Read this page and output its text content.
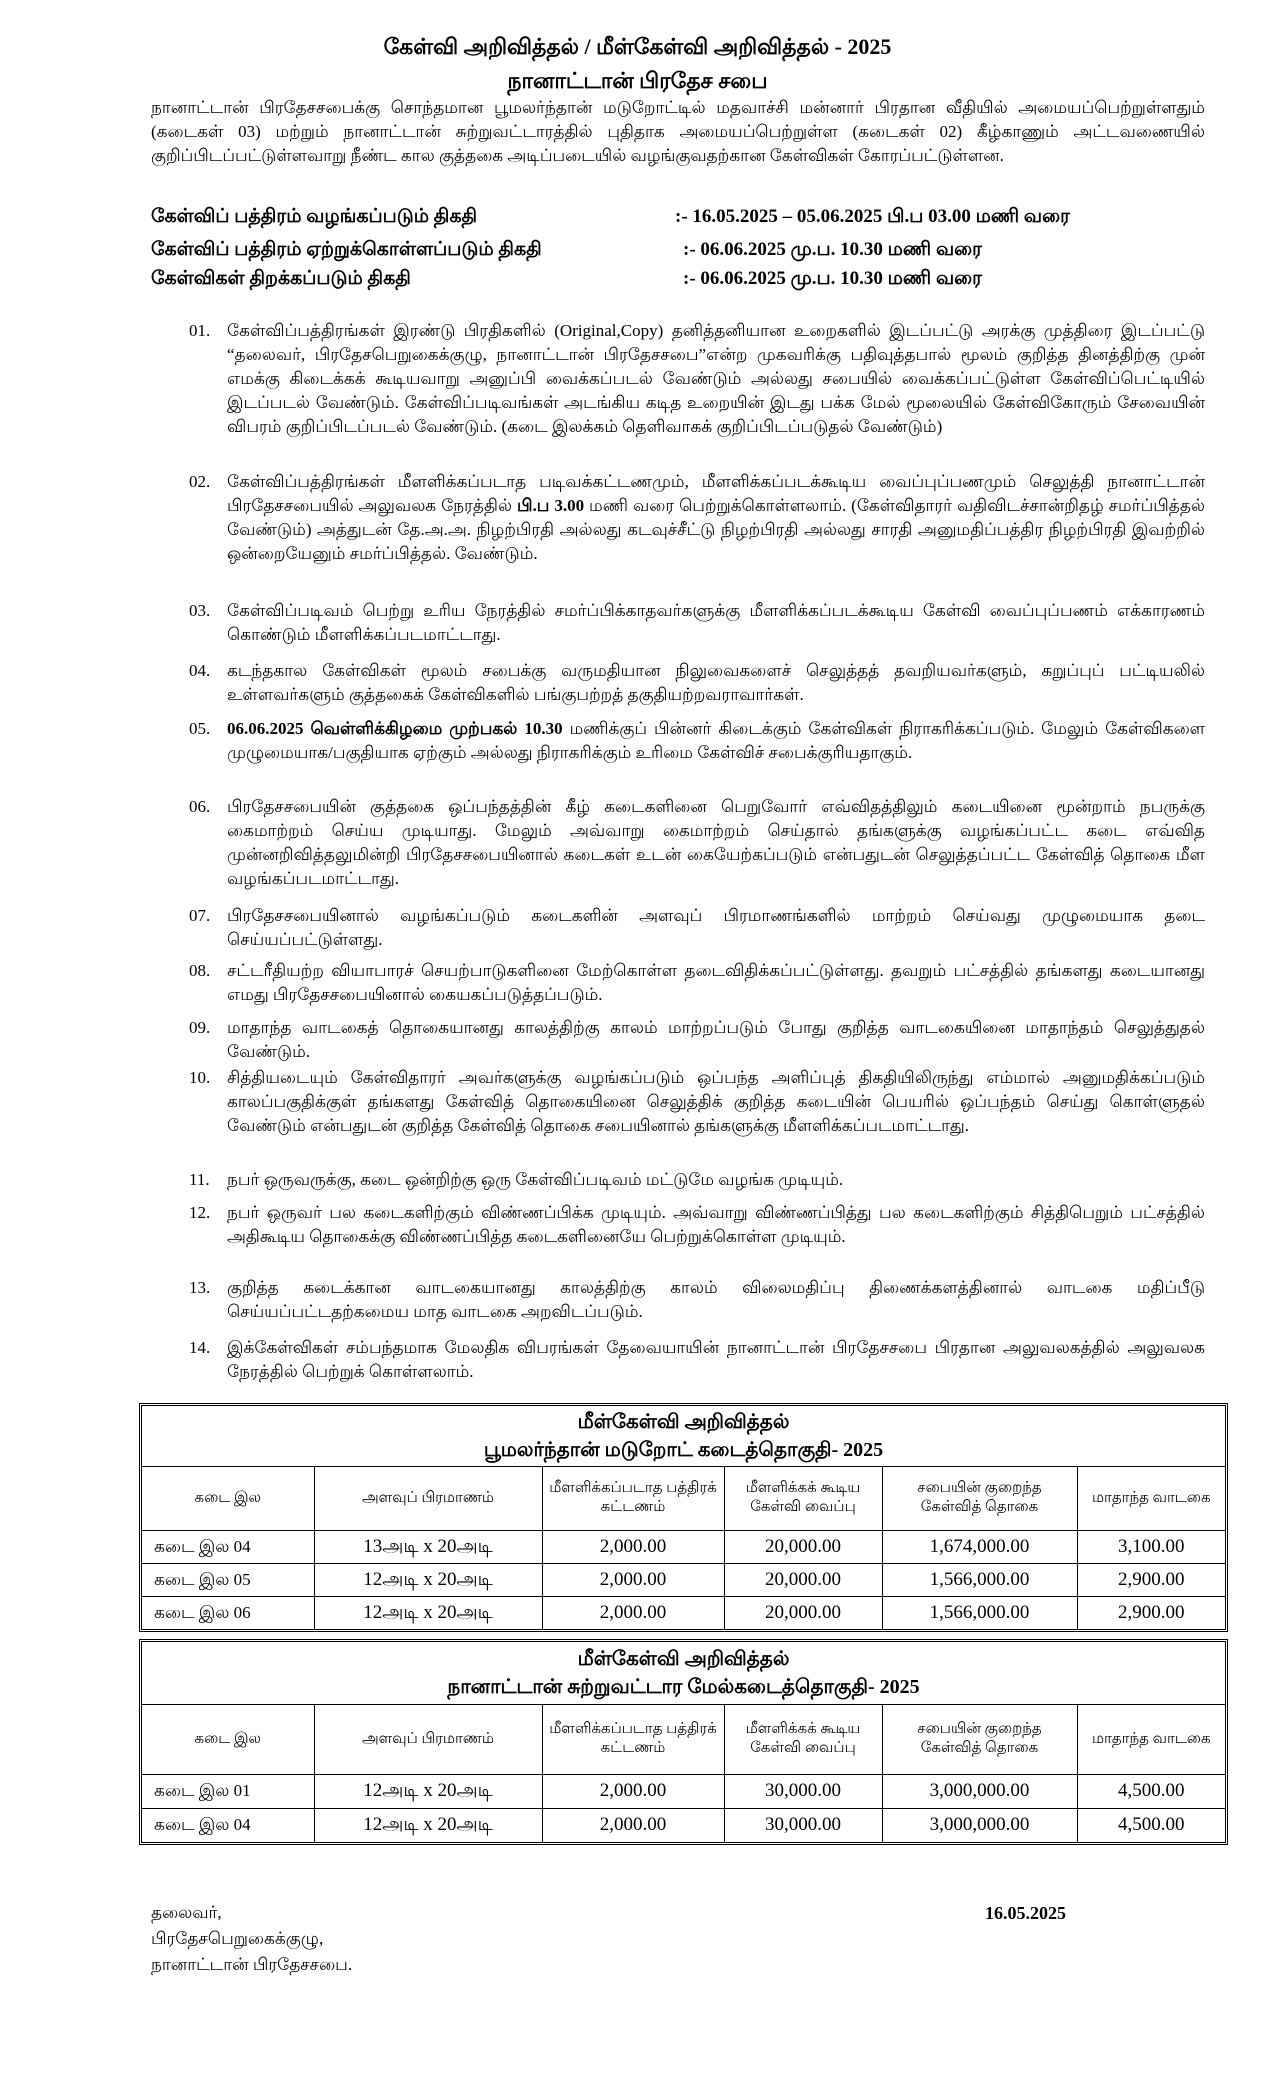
கேள்வி அறிவித்தல் / மீள்கேள்வி அறிவித்தல் - 2025
நானாட்டான் பிரதேச சபை
நானாட்டான் பிரதேசசபைக்கு சொந்தமான பூமலர்ந்தான் மடுறோட்டில் மதவாச்சி மன்னார் பிரதான வீதியில் அமையப்பெற்றுள்ளதும் (கடைகள் 03) மற்றும் நானாட்டான் சுற்றுவட்டாரத்தில் புதிதாக அமையப்பெற்றுள்ள (கடைகள் 02) கீழ்காணும் அட்டவணையில் குறிப்பிடப்பட்டுள்ளவாறு நீண்ட கால குத்தகை அடிப்படையில் வழங்குவதற்கான கேள்விகள் கோரப்பட்டுள்ளன.
கேள்விப் பத்திரம் வழங்கப்படும் திகதி	:- 16.05.2025 – 05.06.2025 பி.ப 03.00 மணி வரை
கேள்விப் பத்திரம் ஏற்றுக்கொள்ளப்படும் திகதி	:- 06.06.2025 மு.ப. 10.30 மணி வரை
கேள்விகள் திறக்கப்படும் திகதி	:- 06.06.2025 மு.ப. 10.30 மணி வரை
01. கேள்விப்பத்திரங்கள் இரண்டு பிரதிகளில் (Original,Copy) தனித்தனியான உறைகளில் இடப்பட்டு அரக்கு முத்திரை இடப்பட்டு “தலைவர், பிரதேசபெறுகைக்குழு, நானாட்டான் பிரதேசசபை”என்ற முகவரிக்கு பதிவுத்தபால் மூலம் குறித்த தினத்திற்கு முன் எமக்கு கிடைக்கக் கூடியவாறு அனுப்பி வைக்கப்படல் வேண்டும் அல்லது சபையில் வைக்கப்பட்டுள்ள கேள்விப்பெட்டியில் இடப்படல் வேண்டும். கேள்விப்படிவங்கள் அடங்கிய கடித உறையின் இடது பக்க மேல் மூலையில் கேள்விகோரும் சேவையின் விபரம் குறிப்பிடப்படல் வேண்டும். (கடை இலக்கம் தெளிவாகக் குறிப்பிடப்படுதல் வேண்டும்)
02. கேள்விப்பத்திரங்கள் மீளளிக்கப்படாத படிவக்கட்டணமும், மீளளிக்கப்படக்கூடிய வைப்புப்பணமும் செலுத்தி நானாட்டான் பிரதேசசபையில் அலுவலக நேரத்தில் பி.ப 3.00 மணி வரை பெற்றுக்கொள்ளலாம். (கேள்விதாரர் வதிவிடச்சான்றிதழ் சமர்ப்பித்தல் வேண்டும்) அத்துடன் தே.அ.அ. நிழற்பிரதி அல்லது கடவுச்சீட்டு நிழற்பிரதி அல்லது சாரதி அனுமதிப்பத்திர நிழற்பிரதி இவற்றில் ஒன்றையேனும் சமர்ப்பித்தல். வேண்டும்.
03. கேள்விப்படிவம் பெற்று உரிய நேரத்தில் சமர்ப்பிக்காதவர்களுக்கு மீளளிக்கப்படக்கூடிய கேள்வி வைப்புப்பணம் எக்காரணம் கொண்டும் மீளளிக்கப்படமாட்டாது.
04. கடந்தகால கேள்விகள் மூலம் சபைக்கு வருமதியான நிலுவைகளைச் செலுத்தத் தவறியவர்களும், கறுப்புப் பட்டியலில் உள்ளவர்களும் குத்தகைக் கேள்விகளில் பங்குபற்றத் தகுதியற்றவராவார்கள்.
05. 06.06.2025 வெள்ளிக்கிழமை முற்பகல் 10.30 மணிக்குப் பின்னர் கிடைக்கும் கேள்விகள் நிராகரிக்கப்படும். மேலும் கேள்விகளை முழுமையாக/பகுதியாக ஏற்கும் அல்லது நிராகரிக்கும் உரிமை கேள்விச் சபைக்குரியதாகும்.
06. பிரதேசசபையின் குத்தகை ஒப்பந்தத்தின் கீழ் கடைகளினை பெறுவோர் எவ்விதத்திலும் கடையினை மூன்றாம் நபருக்கு கைமாற்றம் செய்ய முடியாது. மேலும் அவ்வாறு கைமாற்றம் செய்தால் தங்களுக்கு வழங்கப்பட்ட கடை எவ்வித முன்னறிவித்தலுமின்றி பிரதேசசபையினால் கடைகள் உடன் கையேற்கப்படும் என்பதுடன் செலுத்தப்பட்ட கேள்வித் தொகை மீள வழங்கப்படமாட்டாது.
07. பிரதேசசபையினால் வழங்கப்படும் கடைகளின் அளவுப் பிரமாணங்களில் மாற்றம் செய்வது முழுமையாக தடை செய்யப்பட்டுள்ளது.
08. சட்டரீதியற்ற வியாபாரச் செயற்பாடுகளினை மேற்கொள்ள தடைவிதிக்கப்பட்டுள்ளது. தவறும் பட்சத்தில் தங்களது கடையானது எமது பிரதேசசபையினால் கையகப்படுத்தப்படும்.
09. மாதாந்த வாடகைத் தொகையானது காலத்திற்கு காலம் மாற்றப்படும் போது குறித்த வாடகையினை மாதாந்தம் செலுத்துதல் வேண்டும்.
10. சித்தியடையும் கேள்விதாரர் அவர்களுக்கு வழங்கப்படும் ஒப்பந்த அளிப்புத் திகதியிலிருந்து எம்மால் அனுமதிக்கப்படும் காலப்பகுதிக்குள் தங்களது கேள்வித் தொகையினை செலுத்திக் குறித்த கடையின் பெயரில் ஒப்பந்தம் செய்து கொள்ளுதல் வேண்டும் என்பதுடன் குறித்த கேள்வித் தொகை சபையினால் தங்களுக்கு மீளளிக்கப்படமாட்டாது.
11. நபர் ஒருவருக்கு, கடை ஒன்றிற்கு ஒரு கேள்விப்படிவம் மட்டுமே வழங்க முடியும்.
12. நபர் ஒருவர் பல கடைகளிற்கும் விண்ணப்பிக்க முடியும். அவ்வாறு விண்ணப்பித்து பல கடைகளிற்கும் சித்திபெறும் பட்சத்தில் அதிகூடிய தொகைக்கு விண்ணப்பித்த கடைகளினையே பெற்றுக்கொள்ள முடியும்.
13. குறித்த கடைக்கான வாடகையானது காலத்திற்கு காலம் விலைமதிப்பு திணைக்களத்தினால் வாடகை மதிப்பீடு செய்யப்பட்டதற்கமைய மாத வாடகை அறவிடப்படும்.
14. இக்கேள்விகள் சம்பந்தமாக மேலதிக விபரங்கள் தேவையாயின் நானாட்டான் பிரதேசசபை பிரதான அலுவலகத்தில் அலுவலக நேரத்தில் பெற்றுக் கொள்ளலாம்.
மீள்கேள்வி அறிவித்தல்
பூமலர்ந்தான் மடுறோட் கடைத்தொகுதி- 2025					

கடை இல	அளவுப் பிரமாணம்	மீளளிக்கப்படாத பத்திரக் கட்டணம்	மீளளிக்கக் கூடிய கேள்வி வைப்பு	சபையின் குறைந்த கேள்வித் தொகை	மாதாந்த வாடகை
கடை இல 04	13அடி x 20அடி	2,000.00	20,000.00	1,674,000.00	3,100.00
கடை இல 05	12அடி x 20அடி	2,000.00	20,000.00	1,566,000.00	2,900.00
கடை இல 06	12அடி x 20அடி	2,000.00	20,000.00	1,566,000.00	2,900.00
மீள்கேள்வி அறிவித்தல்
நானாட்டான் சுற்றுவட்டார மேல்கடைத்தொகுதி- 2025					

கடை இல	அளவுப் பிரமாணம்	மீளளிக்கப்படாத பத்திரக் கட்டணம்	மீளளிக்கக் கூடிய கேள்வி வைப்பு	சபையின் குறைந்த கேள்வித் தொகை	மாதாந்த வாடகை
கடை இல 01	12அடி x 20அடி	2,000.00	30,000.00	3,000,000.00	4,500.00
கடை இல 04	12அடி x 20அடி	2,000.00	30,000.00	3,000,000.00	4,500.00
தலைவர்,
பிரதேசபெறுகைக்குழு,
நானாட்டான் பிரதேசசபை.
16.05.2025
